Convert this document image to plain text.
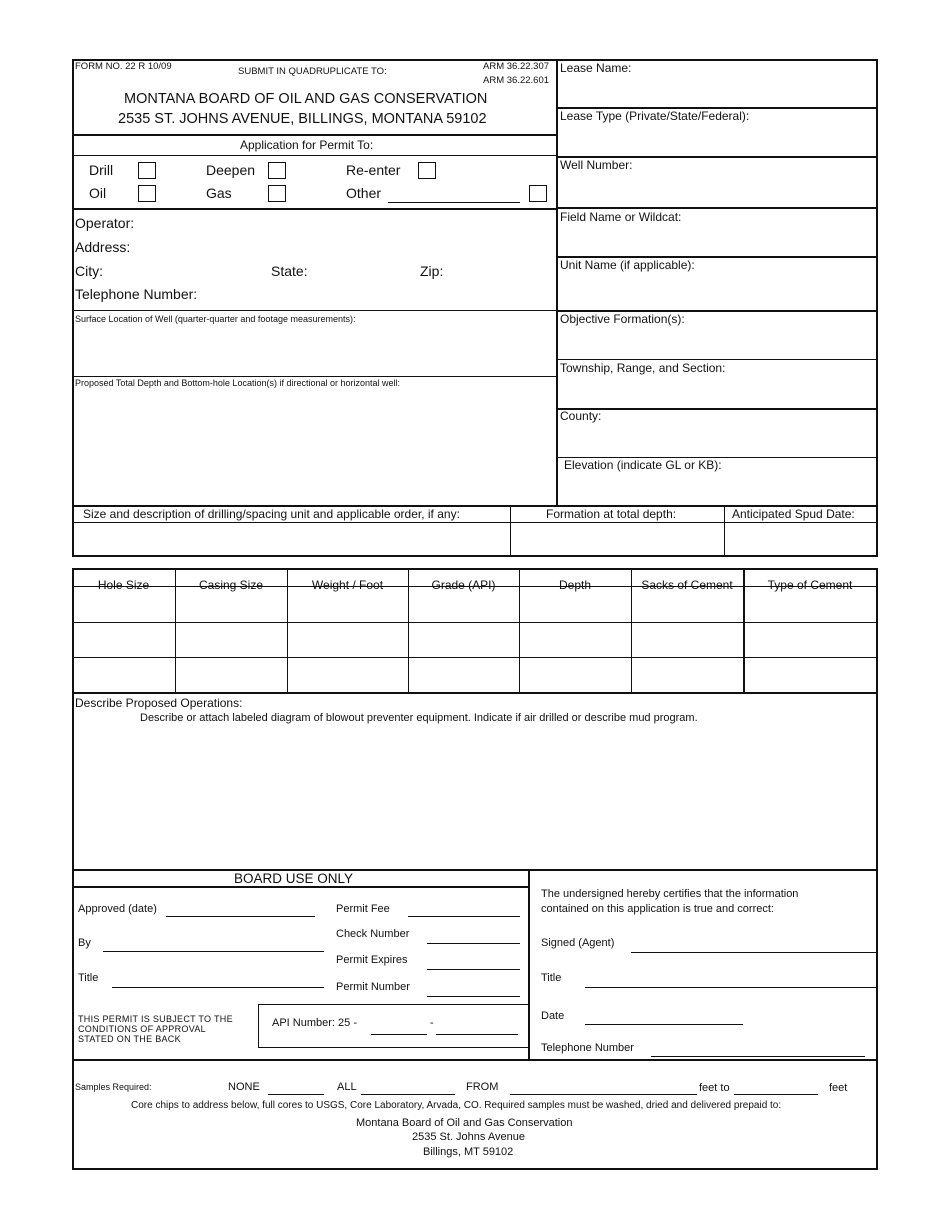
FORM NO. 22 R 10/09	SUBMIT IN QUADRUPLICATE TO:	ARM 36.22.307
ARM 36.22.601
MONTANA BOARD OF OIL AND GAS CONSERVATION
2535 ST. JOHNS AVENUE, BILLINGS, MONTANA 59102
Application for Permit To:
Drill	Deepen	Re-enter
Oil	Gas	Other
Operator:
Address:
City:	State:	Zip:
Telephone Number:
Surface Location of Well (quarter-quarter and footage measurements):
Proposed Total Depth and Bottom-hole Location(s) if directional or horizontal well:
Lease Name:
Lease Type (Private/State/Federal):
Well Number:
Field Name or Wildcat:
Unit Name (if applicable):
Objective Formation(s):
Township, Range, and Section:
County:
Elevation (indicate GL or KB):
Size and description of drilling/spacing unit and applicable order, if any:	Formation at total depth:	Anticipated Spud Date:
Hole Size	Casing Size	Weight / Foot	Grade (API)	Depth	Sacks of Cement	Type of Cement
Describe Proposed Operations:
Describe or attach labeled diagram of blowout preventer equipment. Indicate if air drilled or describe mud program.
BOARD USE ONLY
Approved (date)
By
Title
Permit Fee
Check Number
Permit Expires
Permit Number
THIS PERMIT IS SUBJECT TO THE
CONDITIONS OF APPROVAL
STATED ON THE BACK
API Number: 25 -	-
The undersigned hereby certifies that the information
contained on this application is true and correct:
Signed (Agent)
Title
Date
Telephone Number
Samples Required:	NONE	ALL	FROM	feet to	feet
Core chips to address below, full cores to USGS, Core Laboratory, Arvada, CO. Required samples must be washed, dried and delivered prepaid to:
Montana Board of Oil and Gas Conservation
2535 St. Johns Avenue
Billings, MT 59102
